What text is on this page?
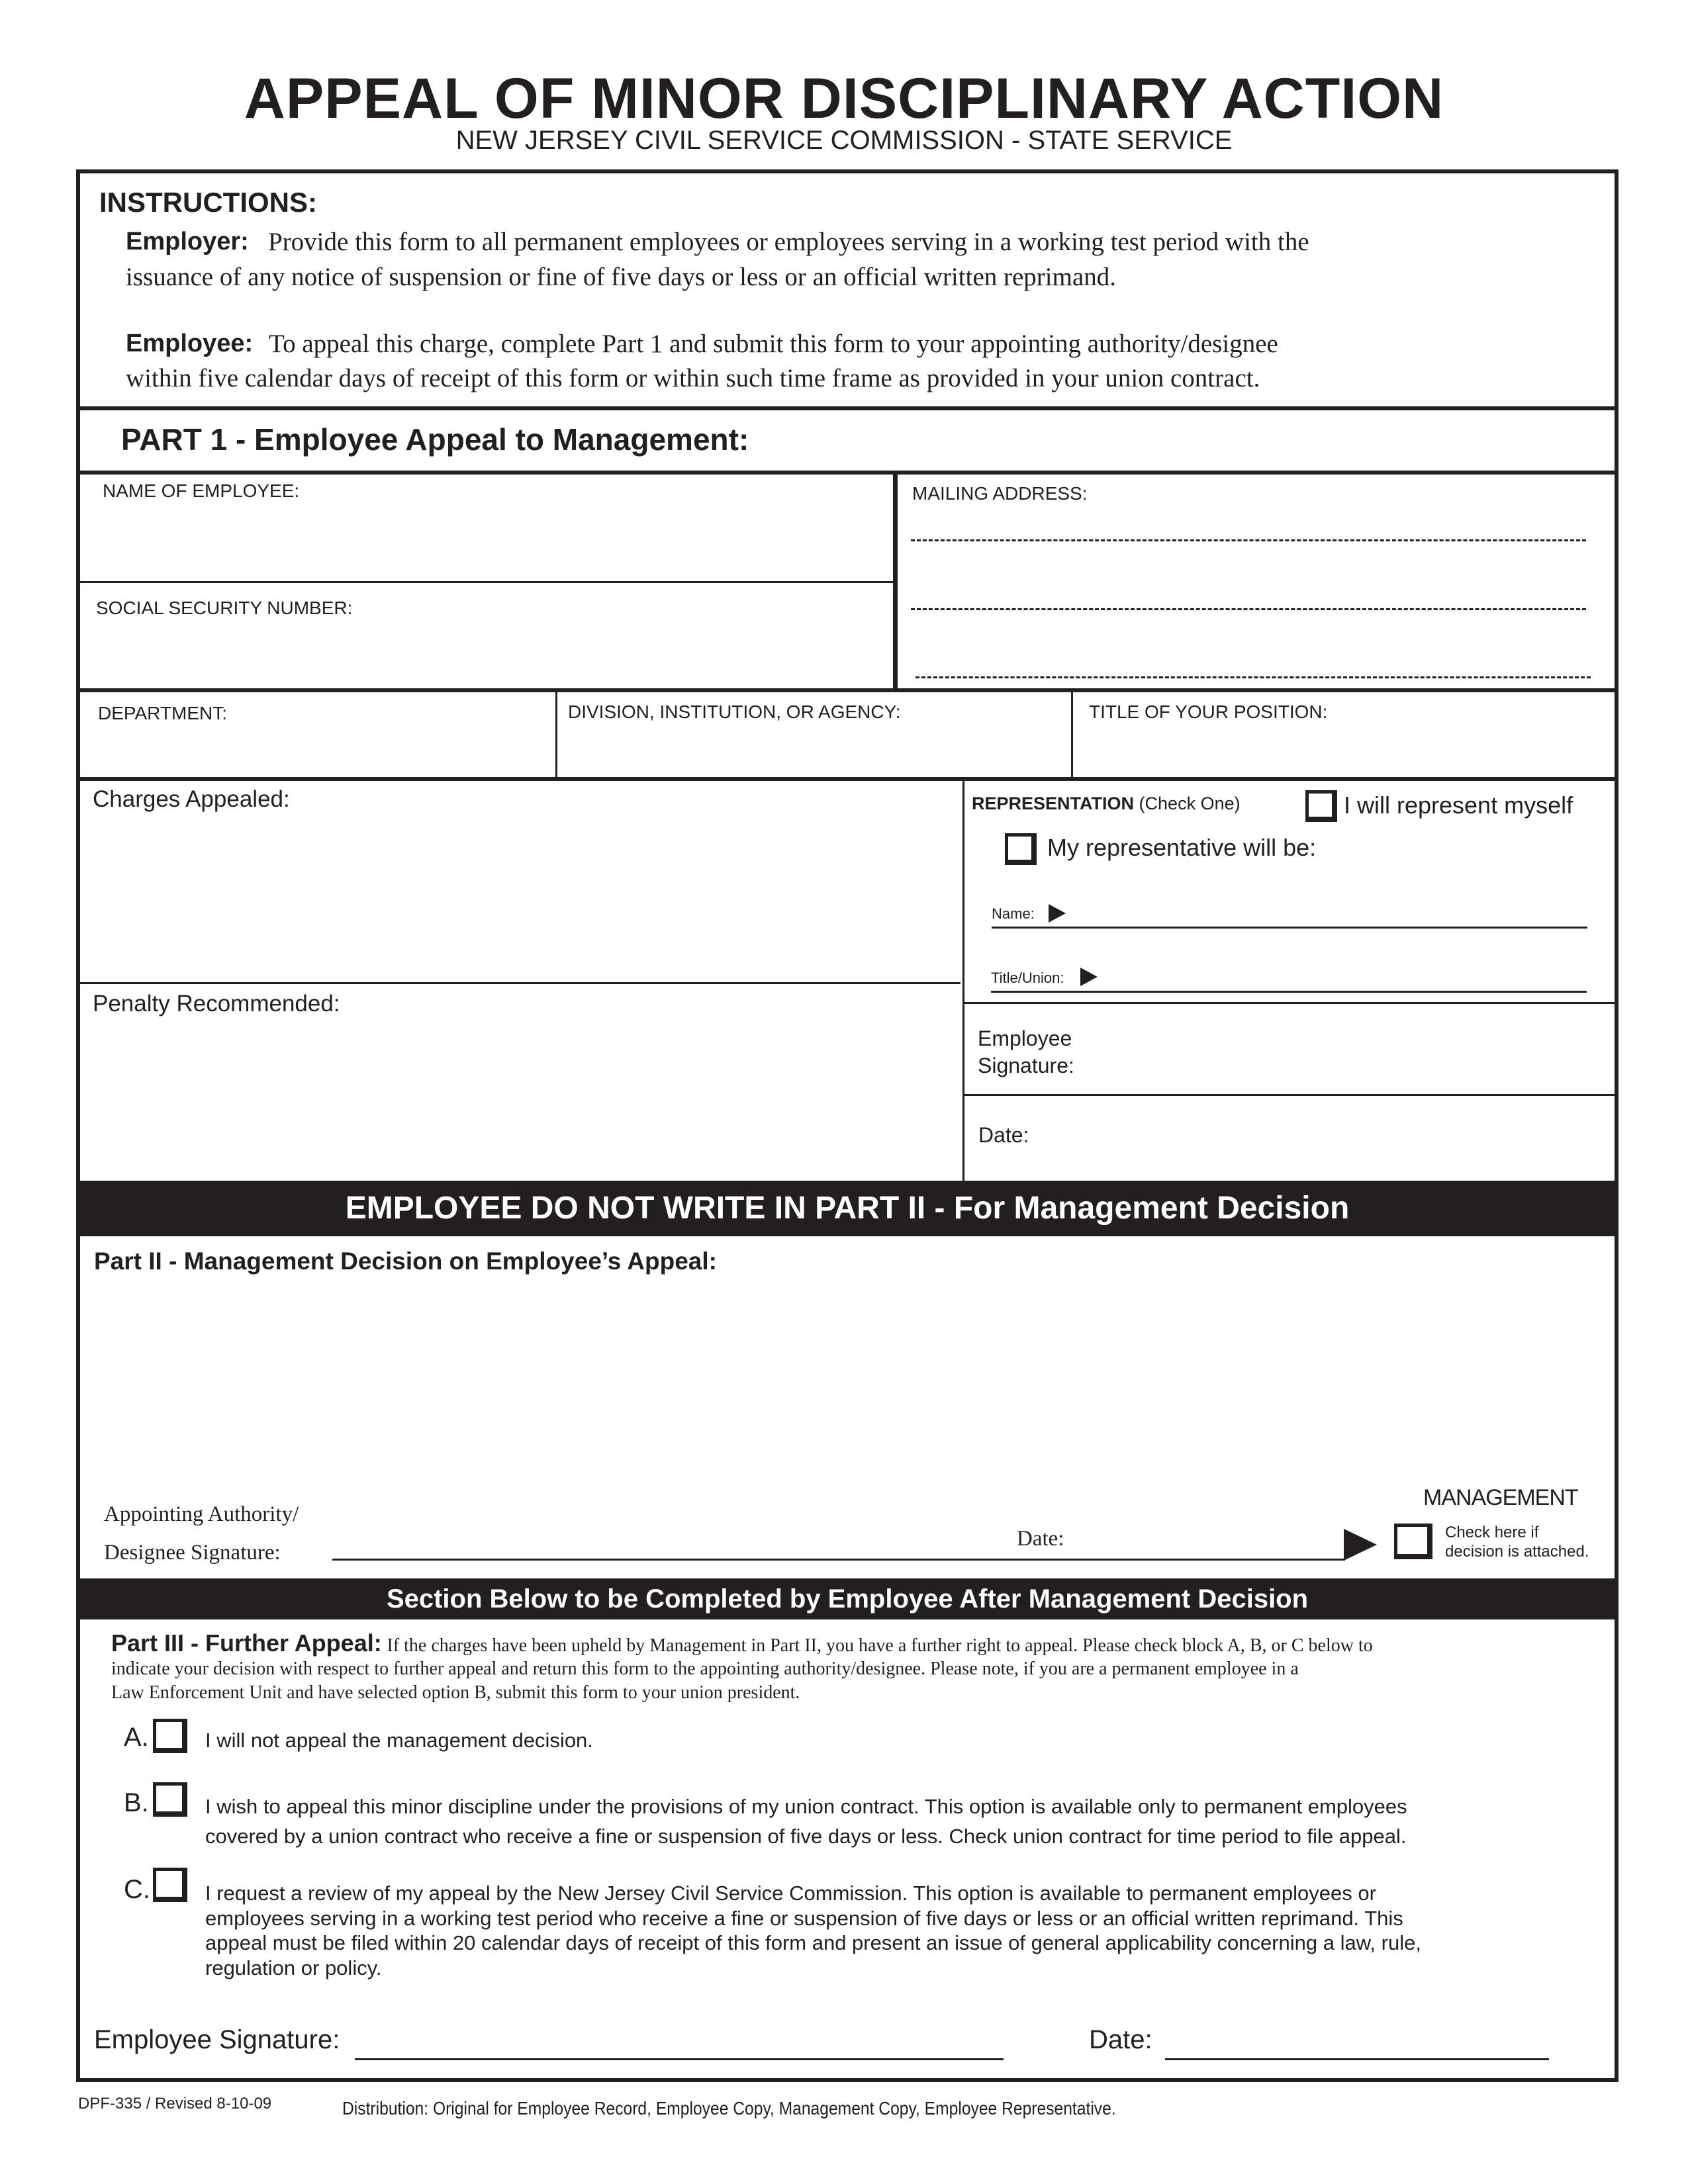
APPEAL OF MINOR DISCIPLINARY ACTION
NEW JERSEY CIVIL SERVICE COMMISSION - STATE SERVICE
INSTRUCTIONS:
Employer: Provide this form to all permanent employees or employees serving in a working test period with the
issuance of any notice of suspension or fine of five days or less or an official written reprimand.
Employee: To appeal this charge, complete Part 1 and submit this form to your appointing authority/designee
within five calendar days of receipt of this form or within such time frame as provided in your union contract.
PART 1 - Employee Appeal to Management:
NAME OF EMPLOYEE:
SOCIAL SECURITY NUMBER:
MAILING ADDRESS:
DEPARTMENT:	DIVISION, INSTITUTION, OR AGENCY:	TITLE OF YOUR POSITION:
Charges Appealed:
Penalty Recommended:
REPRESENTATION (Check One)	I will represent myself
My representative will be:
Name:
Title/Union:
Employee
Signature:
Date:
EMPLOYEE DO NOT WRITE IN PART II - For Management Decision
Part II - Management Decision on Employee’s Appeal:
Appointing Authority/
Designee Signature:
Date:
MANAGEMENT
Check here if
decision is attached.
Section Below to be Completed by Employee After Management Decision
Part III - Further Appeal: If the charges have been upheld by Management in Part II, you have a further right to appeal. Please check block A, B, or C below to
indicate your decision with respect to further appeal and return this form to the appointing authority/designee. Please note, if you are a permanent employee in a
Law Enforcement Unit and have selected option B, submit this form to your union president.
A.	I will not appeal the management decision.
B.	I wish to appeal this minor discipline under the provisions of my union contract. This option is available only to permanent employees
covered by a union contract who receive a fine or suspension of five days or less. Check union contract for time period to file appeal.
C.	I request a review of my appeal by the New Jersey Civil Service Commission. This option is available to permanent employees or
employees serving in a working test period who receive a fine or suspension of five days or less or an official written reprimand. This
appeal must be filed within 20 calendar days of receipt of this form and present an issue of general applicability concerning a law, rule,
regulation or policy.
Employee Signature:	Date:
DPF-335 / Revised 8-10-09	Distribution: Original for Employee Record, Employee Copy, Management Copy, Employee Representative.
